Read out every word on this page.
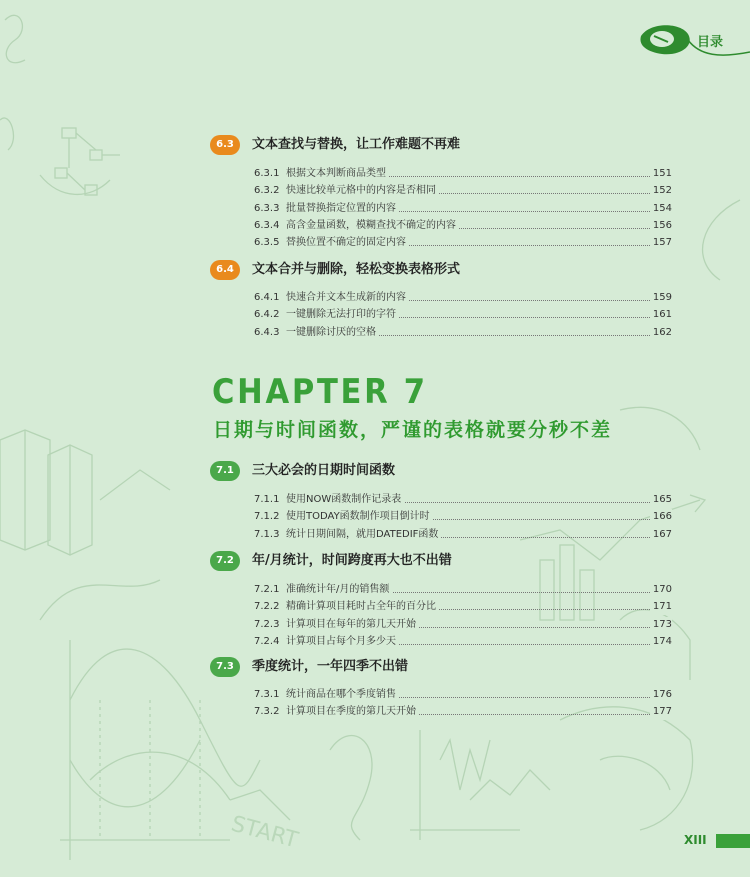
START
目录
6.3	文本查找与替换，让工作难题不再难
6.3.1 根据文本判断商品类型	151
6.3.2 快速比较单元格中的内容是否相同	152
6.3.3 批量替换指定位置的内容	154
6.3.4 高含金量函数，模糊查找不确定的内容	156
6.3.5 替换位置不确定的固定内容	157
6.4	文本合并与删除，轻松变换表格形式
6.4.1 快速合并文本生成新的内容	159
6.4.2 一键删除无法打印的字符	161
6.4.3 一键删除讨厌的空格	162
CHAPTER 7
日期与时间函数，严谨的表格就要分秒不差
7.1	三大必会的日期时间函数
7.1.1 使用NOW函数制作记录表	165
7.1.2 使用TODAY函数制作项目倒计时	166
7.1.3 统计日期间隔，就用DATEDIF函数	167
7.2	年/月统计，时间跨度再大也不出错
7.2.1 准确统计年/月的销售额	170
7.2.2 精确计算项目耗时占全年的百分比	171
7.2.3 计算项目在每年的第几天开始	173
7.2.4 计算项目占每个月多少天	174
7.3	季度统计，一年四季不出错
7.3.1 统计商品在哪个季度销售	176
7.3.2 计算项目在季度的第几天开始	177
XIII
